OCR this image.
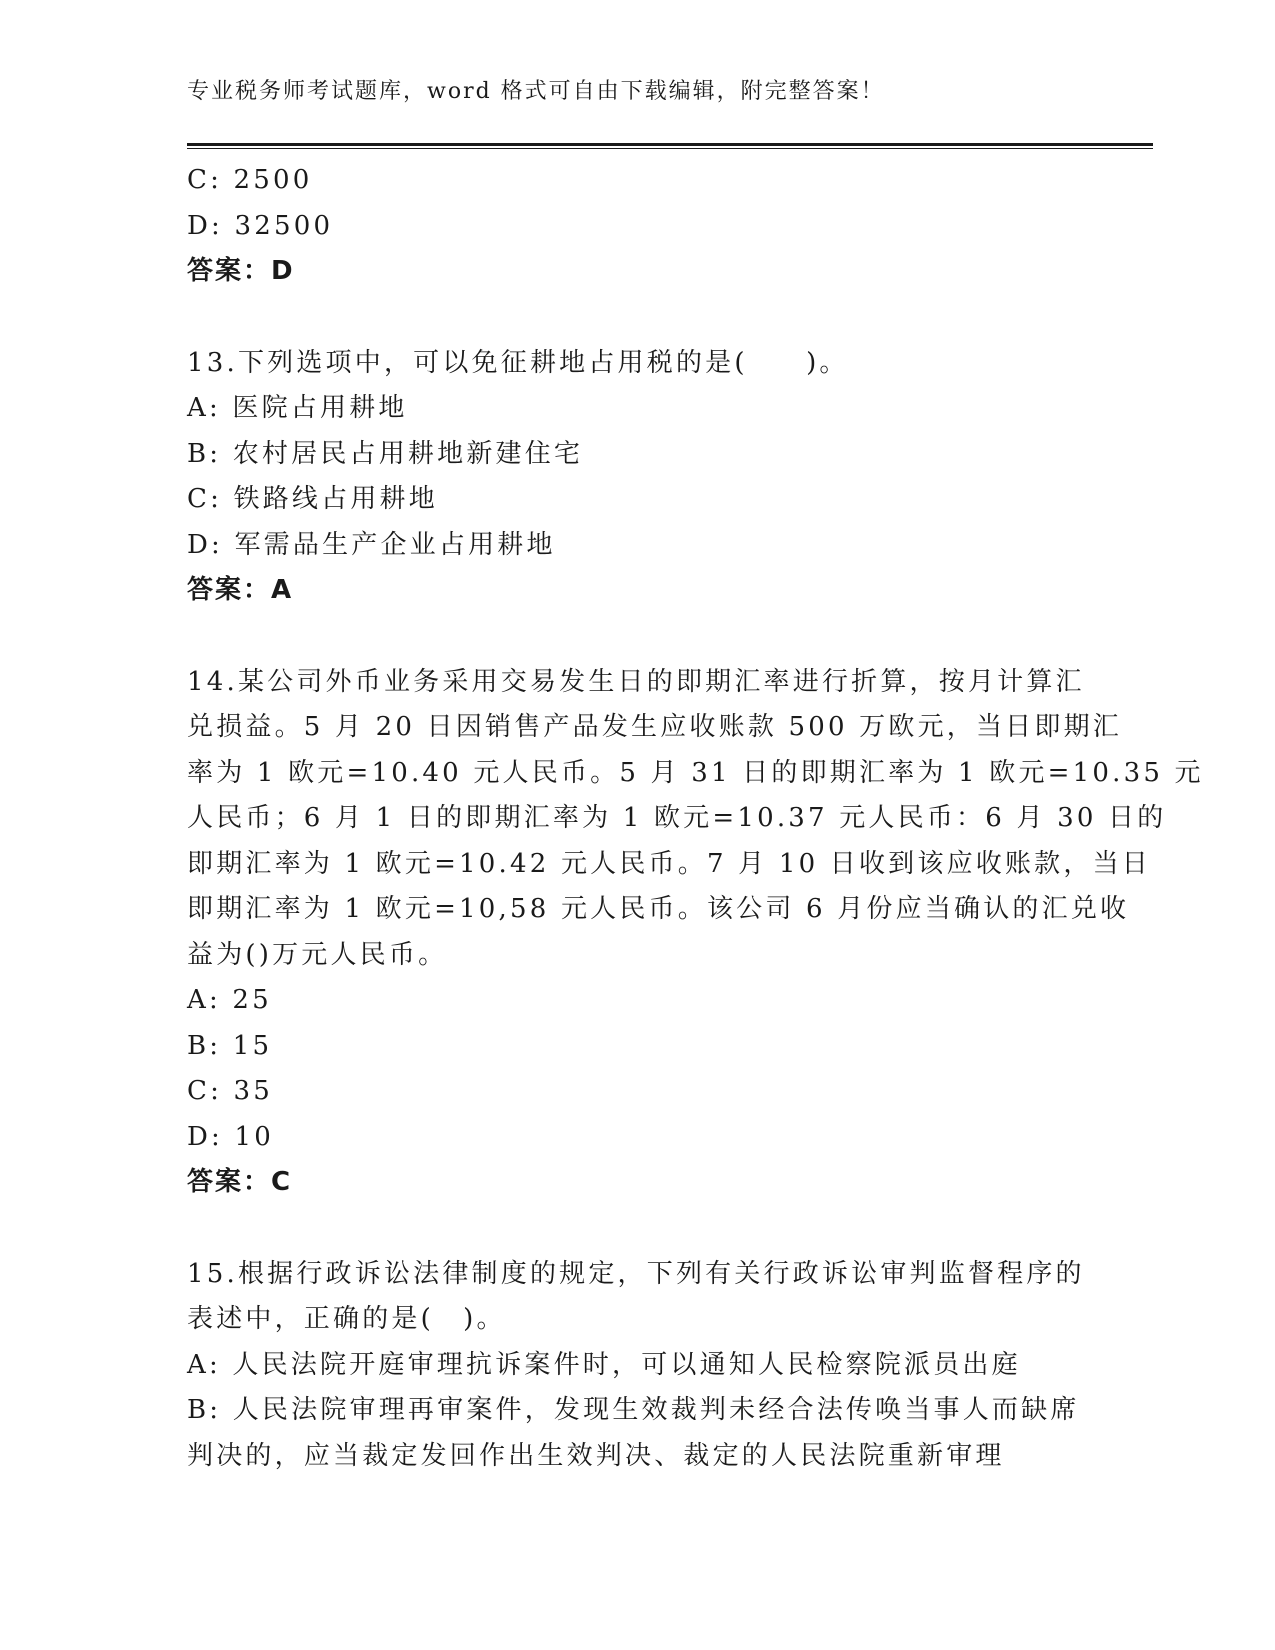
专业税务师考试题库，word 格式可自由下载编辑，附完整答案！
C: 2500
D: 32500
答案：D
13.下列选项中，可以免征耕地占用税的是(　　)。
A: 医院占用耕地
B: 农村居民占用耕地新建住宅
C: 铁路线占用耕地
D: 军需品生产企业占用耕地
答案：A
14.某公司外币业务采用交易发生日的即期汇率进行折算，按月计算汇
兑损益。5 月 20 日因销售产品发生应收账款 500 万欧元，当日即期汇
率为 1 欧元=10.40 元人民币。5 月 31 日的即期汇率为 1 欧元=10.35 元
人民币；6 月 1 日的即期汇率为 1 欧元=10.37 元人民币：6 月 30 日的
即期汇率为 1 欧元=10.42 元人民币。7 月 10 日收到该应收账款，当日
即期汇率为 1 欧元=10,58 元人民币。该公司 6 月份应当确认的汇兑收
益为()万元人民币。
A: 25
B: 15
C: 35
D: 10
答案：C
15.根据行政诉讼法律制度的规定，下列有关行政诉讼审判监督程序的
表述中，正确的是(　)。
A: 人民法院开庭审理抗诉案件时，可以通知人民检察院派员出庭
B: 人民法院审理再审案件，发现生效裁判未经合法传唤当事人而缺席
判决的，应当裁定发回作出生效判决、裁定的人民法院重新审理
